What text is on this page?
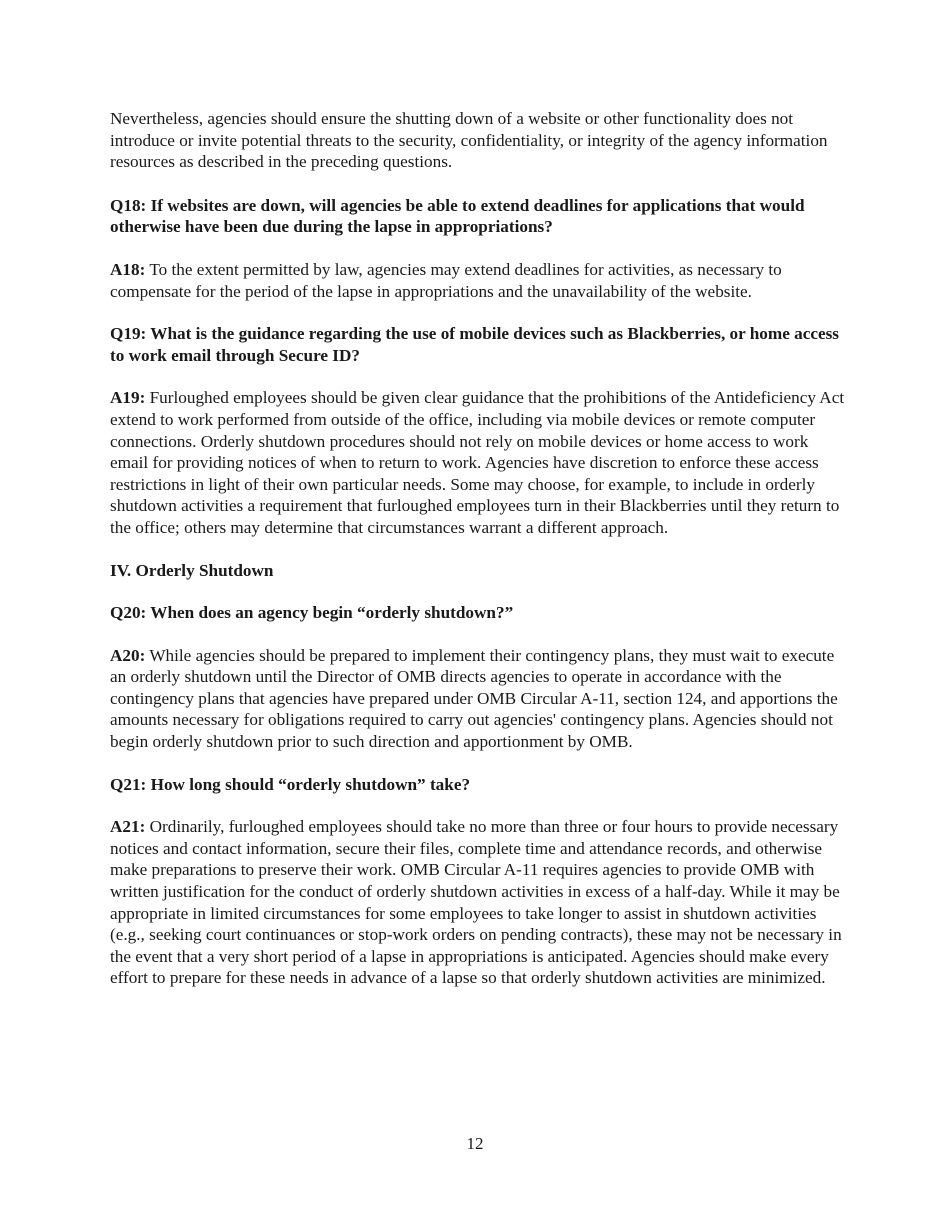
Nevertheless, agencies should ensure the shutting down of a website or other functionality does not introduce or invite potential threats to the security, confidentiality, or integrity of the agency information resources as described in the preceding questions.

Q18: If websites are down, will agencies be able to extend deadlines for applications that would otherwise have been due during the lapse in appropriations?

A18: To the extent permitted by law, agencies may extend deadlines for activities, as necessary to compensate for the period of the lapse in appropriations and the unavailability of the website.

Q19: What is the guidance regarding the use of mobile devices such as Blackberries, or home access to work email through Secure ID?

A19: Furloughed employees should be given clear guidance that the prohibitions of the Antideficiency Act extend to work performed from outside of the office, including via mobile devices or remote computer connections. Orderly shutdown procedures should not rely on mobile devices or home access to work email for providing notices of when to return to work. Agencies have discretion to enforce these access restrictions in light of their own particular needs. Some may choose, for example, to include in orderly shutdown activities a requirement that furloughed employees turn in their Blackberries until they return to the office; others may determine that circumstances warrant a different approach.

IV. Orderly Shutdown

Q20: When does an agency begin “orderly shutdown?”

A20: While agencies should be prepared to implement their contingency plans, they must wait to execute an orderly shutdown until the Director of OMB directs agencies to operate in accordance with the contingency plans that agencies have prepared under OMB Circular A-11, section 124, and apportions the amounts necessary for obligations required to carry out agencies' contingency plans. Agencies should not begin orderly shutdown prior to such direction and apportionment by OMB.

Q21: How long should “orderly shutdown” take?

A21: Ordinarily, furloughed employees should take no more than three or four hours to provide necessary notices and contact information, secure their files, complete time and attendance records, and otherwise make preparations to preserve their work. OMB Circular A-11 requires agencies to provide OMB with written justification for the conduct of orderly shutdown activities in excess of a half-day. While it may be appropriate in limited circumstances for some employees to take longer to assist in shutdown activities (e.g., seeking court continuances or stop-work orders on pending contracts), these may not be necessary in the event that a very short period of a lapse in appropriations is anticipated. Agencies should make every effort to prepare for these needs in advance of a lapse so that orderly shutdown activities are minimized.

12
